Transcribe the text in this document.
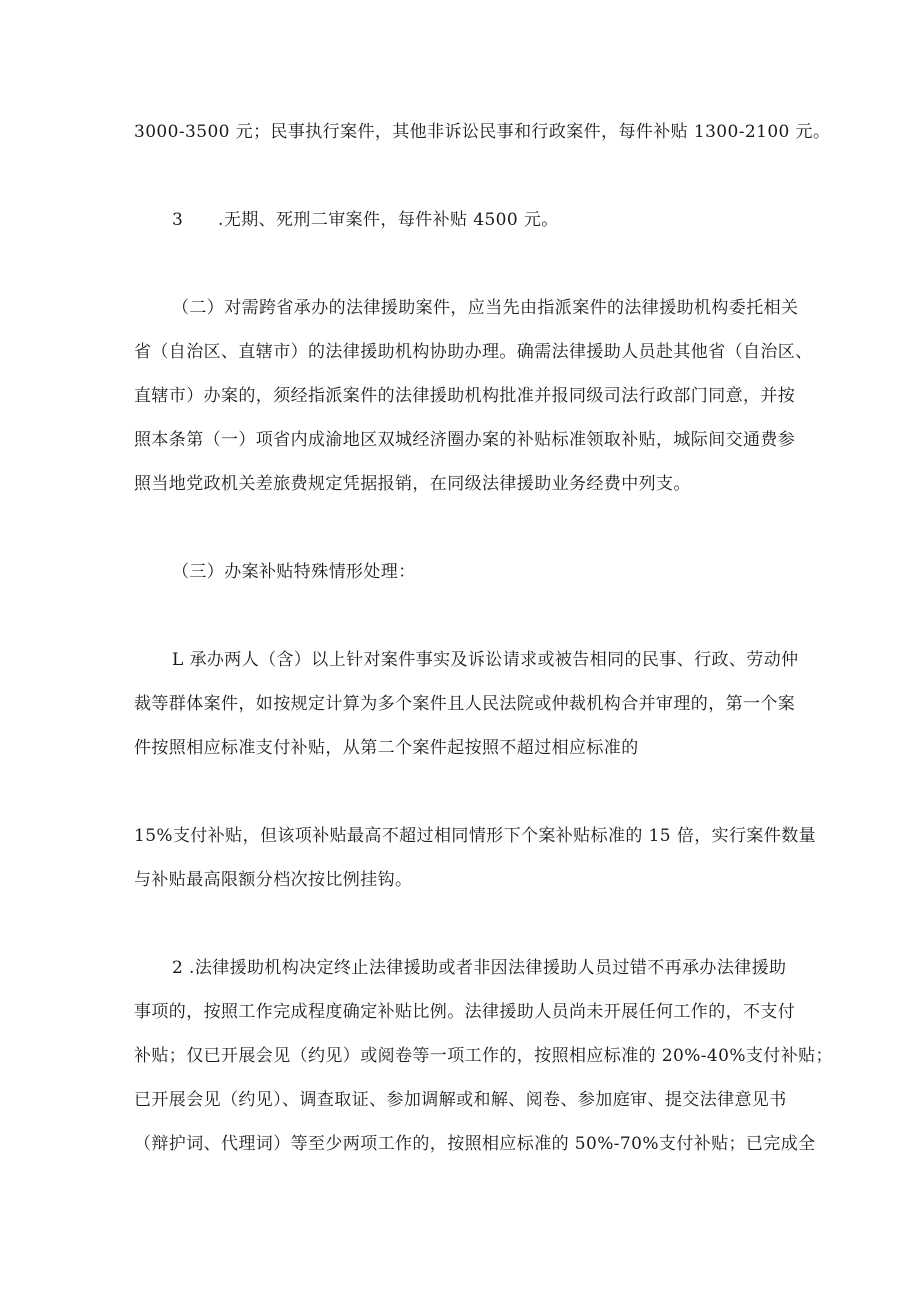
3000-3500 元；民事执行案件，其他非诉讼民事和行政案件，每件补贴 1300-2100 元。
3　　.无期、死刑二审案件，每件补贴 4500 元。
（二）对需跨省承办的法律援助案件，应当先由指派案件的法律援助机构委托相关
省（自治区、直辖市）的法律援助机构协助办理。确需法律援助人员赴其他省（自治区、
直辖市）办案的，须经指派案件的法律援助机构批准并报同级司法行政部门同意，并按
照本条第（一）项省内成渝地区双城经济圈办案的补贴标准领取补贴，城际间交通费参
照当地党政机关差旅费规定凭据报销，在同级法律援助业务经费中列支。
（三）办案补贴特殊情形处理：
L 承办两人（含）以上针对案件事实及诉讼请求或被告相同的民事、行政、劳动仲
裁等群体案件，如按规定计算为多个案件且人民法院或仲裁机构合并审理的，第一个案
件按照相应标准支付补贴，从第二个案件起按照不超过相应标准的
15%支付补贴，但该项补贴最高不超过相同情形下个案补贴标准的 15 倍，实行案件数量
与补贴最高限额分档次按比例挂钩。
2 .法律援助机构决定终止法律援助或者非因法律援助人员过错不再承办法律援助
事项的，按照工作完成程度确定补贴比例。法律援助人员尚未开展任何工作的，不支付
补贴；仅已开展会见（约见）或阅卷等一项工作的，按照相应标准的 20%-40%支付补贴；
已开展会见（约见）、调查取证、参加调解或和解、阅卷、参加庭审、提交法律意见书
（辩护词、代理词）等至少两项工作的，按照相应标准的 50%-70%支付补贴；已完成全
